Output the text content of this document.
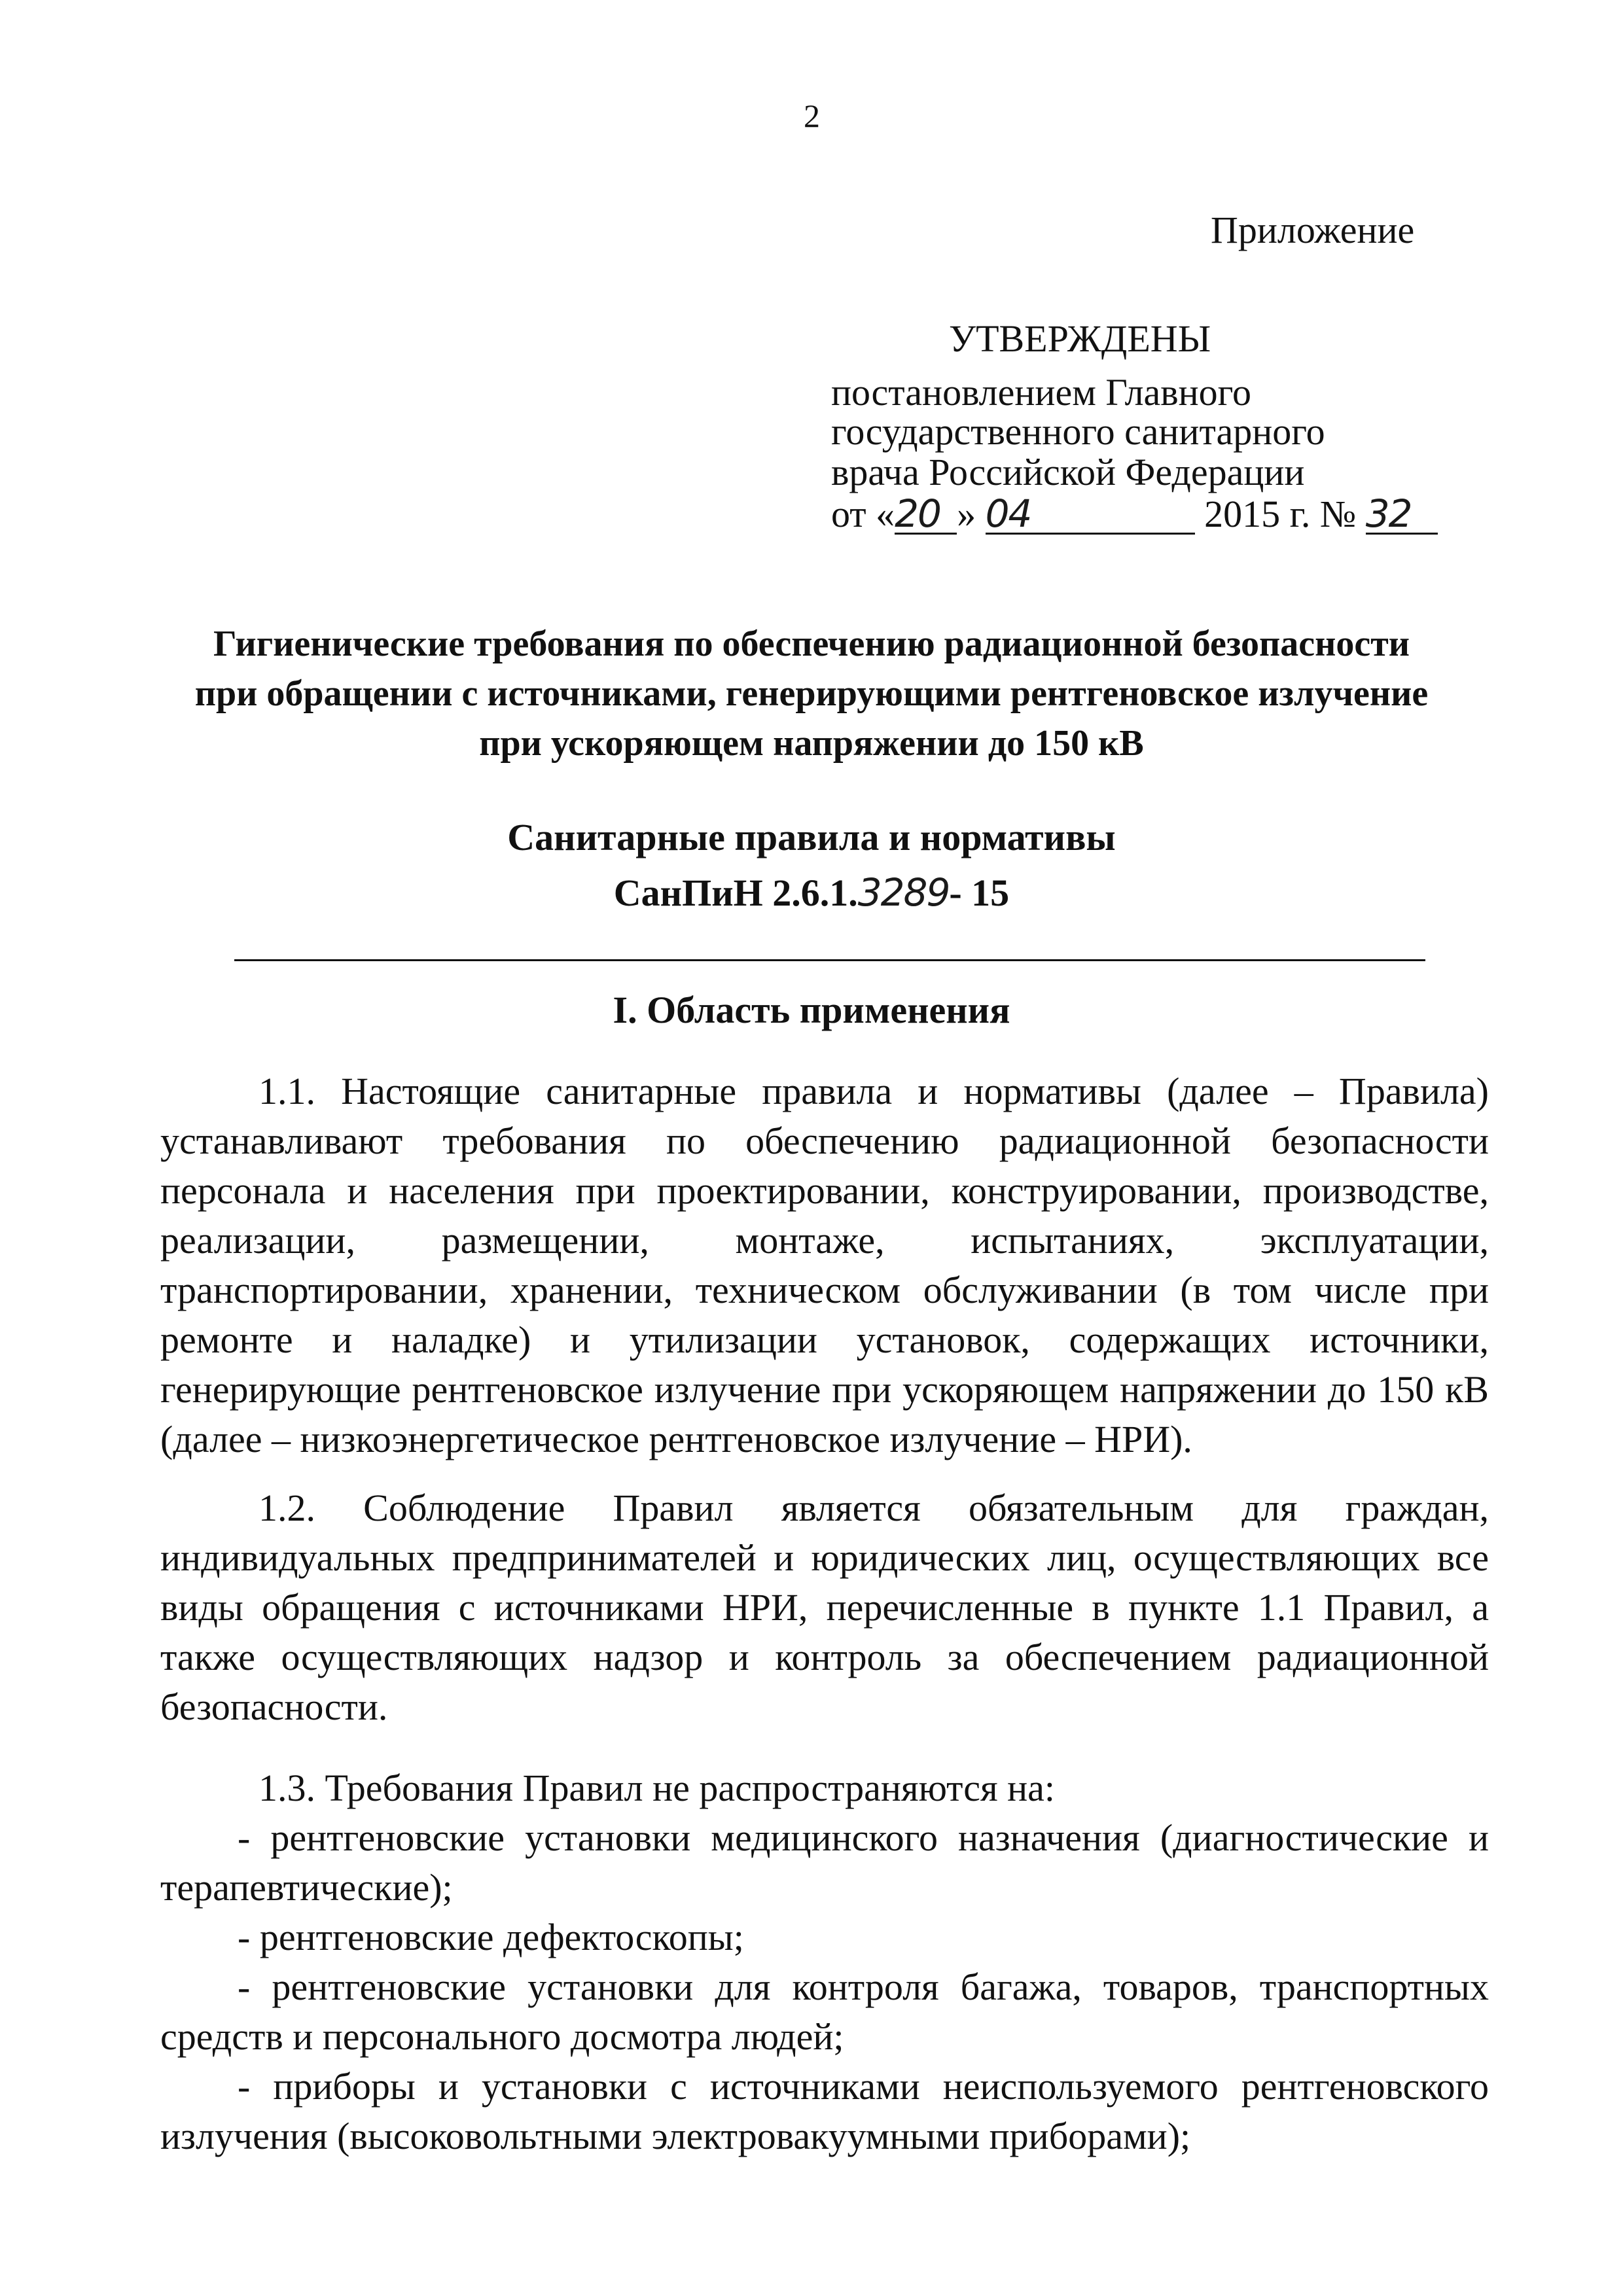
2
Приложение
УТВЕРЖДЕНЫ
постановлением Главного
государственного санитарного
врача Российской Федерации
от «20 » 04	2015 г. № 32
Гигиенические требования по обеспечению радиационной безопасности
при обращении с источниками, генерирующими рентгеновское излучение
при ускоряющем напряжении до 150 кВ
Санитарные правила и нормативы
СанПиН 2.6.1.3289- 15
I. Область применения
1.1. Настоящие санитарные правила и нормативы (далее – Правила) устанавливают требования по обеспечению радиационной безопасности персонала и населения при проектировании, конструировании, производстве, реализации, размещении, монтаже, испытаниях, эксплуатации, транспортировании, хранении, техническом обслуживании (в том числе при ремонте и наладке) и утилизации установок, содержащих источники, генерирующие рентгеновское излучение при ускоряющем напряжении до 150 кВ (далее – низкоэнергетическое рентгеновское излучение – НРИ).
1.2. Соблюдение Правил является обязательным для граждан, индивидуальных предпринимателей и юридических лиц, осуществляющих все виды обращения с источниками НРИ, перечисленные в пункте 1.1 Правил, а также осуществляющих надзор и контроль за обеспечением радиационной безопасности.
1.3. Требования Правил не распространяются на:
- рентгеновские установки медицинского назначения (диагностические и терапевтические);
- рентгеновские дефектоскопы;
- рентгеновские установки для контроля багажа, товаров, транспортных средств и персонального досмотра людей;
- приборы и установки с источниками неиспользуемого рентгеновского излучения (высоковольтными электровакуумными приборами);
